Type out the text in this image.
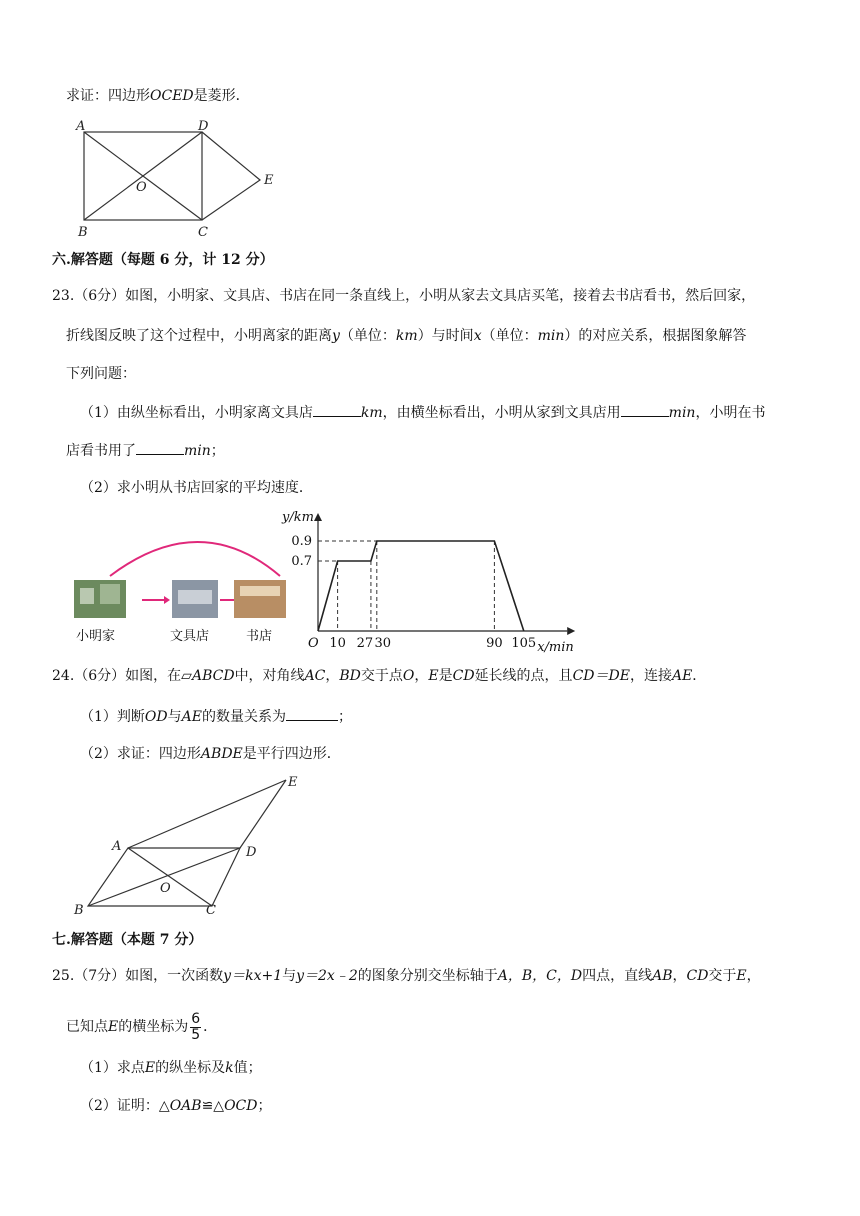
求证：四边形OCED是菱形．
A	D
E
O
B	C
六.解答题（每题 6 分，计 12 分）
23.（6分）如图，小明家、文具店、书店在同一条直线上，小明从家去文具店买笔，接着去书店看书，然后回家，
折线图反映了这个过程中，小明离家的距离y（单位：km）与时间x（单位：min）的对应关系，根据图象解答
下列问题：
（1）由纵坐标看出，小明家离文具店	km，由横坐标看出，小明从家到文具店用	min，小明在书
店看书用了	min；
（2）求小明从书店回家的平均速度．
小明家	文具店	书店	10 27 30	90 105
0.7
0.9
O
y/km
x/min
24.（6分）如图，在▱ABCD中，对角线AC，BD交于点O，E是CD延长线的点，且CD＝DE，连接AE．
（1）判断OD与AE的数量关系为	；
（2）求证：四边形ABDE是平行四边形．
E
A	D
O
B	C
七.解答题（本题 7 分）
25.（7分）如图，一次函数y＝kx+1与y＝2x﹣2的图象分别交坐标轴于A，B，C，D四点，直线AB，CD交于E，
已知点 E 的横坐标为 $\frac{6}{5}$ ．
（1）求点E的纵坐标及k值；
（2）证明：△OAB≌△OCD；
